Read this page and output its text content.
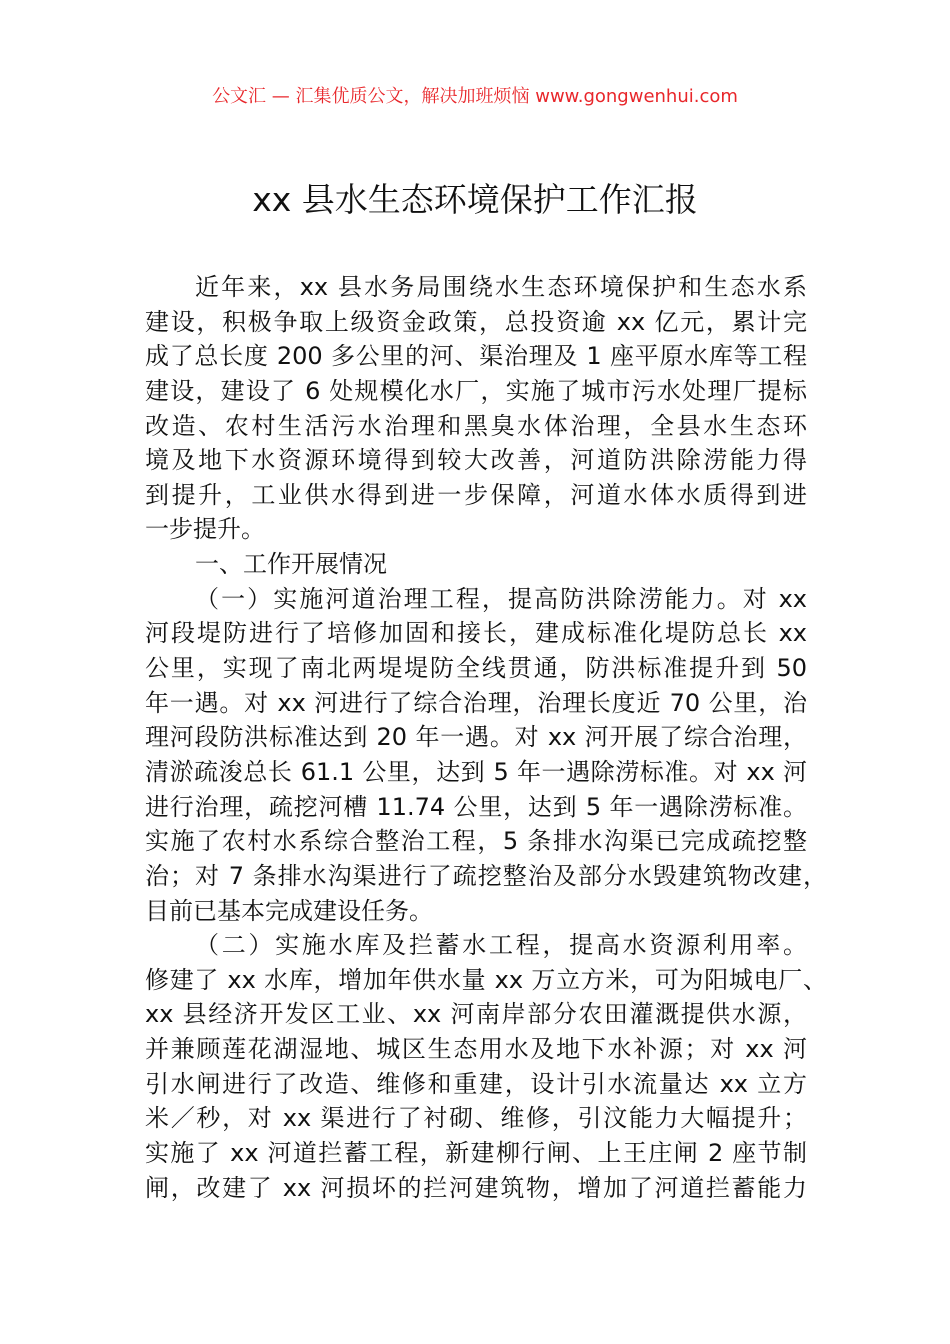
公文汇 — 汇集优质公文，解决加班烦恼 www.gongwenhui.com
xx 县水生态环境保护工作汇报
近年来，xx 县水务局围绕水生态环境保护和生态水系
建设，积极争取上级资金政策，总投资逾 xx 亿元，累计完
成了总长度 200 多公里的河、渠治理及 1 座平原水库等工程
建设，建设了 6 处规模化水厂，实施了城市污水处理厂提标
改造、农村生活污水治理和黑臭水体治理，全县水生态环
境及地下水资源环境得到较大改善，河道防洪除涝能力得
到提升，工业供水得到进一步保障，河道水体水质得到进
一步提升。
一、工作开展情况
（一）实施河道治理工程，提高防洪除涝能力。对 xx
河段堤防进行了培修加固和接长，建成标准化堤防总长 xx
公里，实现了南北两堤堤防全线贯通，防洪标准提升到 50
年一遇。对 xx 河进行了综合治理，治理长度近 70 公里，治
理河段防洪标准达到 20 年一遇。对 xx 河开展了综合治理，
清淤疏浚总长 61.1 公里，达到 5 年一遇除涝标准。对 xx 河
进行治理，疏挖河槽 11.74 公里，达到 5 年一遇除涝标准。
实施了农村水系综合整治工程，5 条排水沟渠已完成疏挖整
治；对 7 条排水沟渠进行了疏挖整治及部分水毁建筑物改建，
目前已基本完成建设任务。
（二）实施水库及拦蓄水工程，提高水资源利用率。
修建了 xx 水库，增加年供水量 xx 万立方米，可为阳城电厂、
xx 县经济开发区工业、xx 河南岸部分农田灌溉提供水源，
并兼顾莲花湖湿地、城区生态用水及地下水补源；对 xx 河
引水闸进行了改造、维修和重建，设计引水流量达 xx 立方
米／秒，对 xx 渠进行了衬砌、维修，引汶能力大幅提升；
实施了 xx 河道拦蓄工程，新建柳行闸、上王庄闸 2 座节制
闸，改建了 xx 河损坏的拦河建筑物，增加了河道拦蓄能力
